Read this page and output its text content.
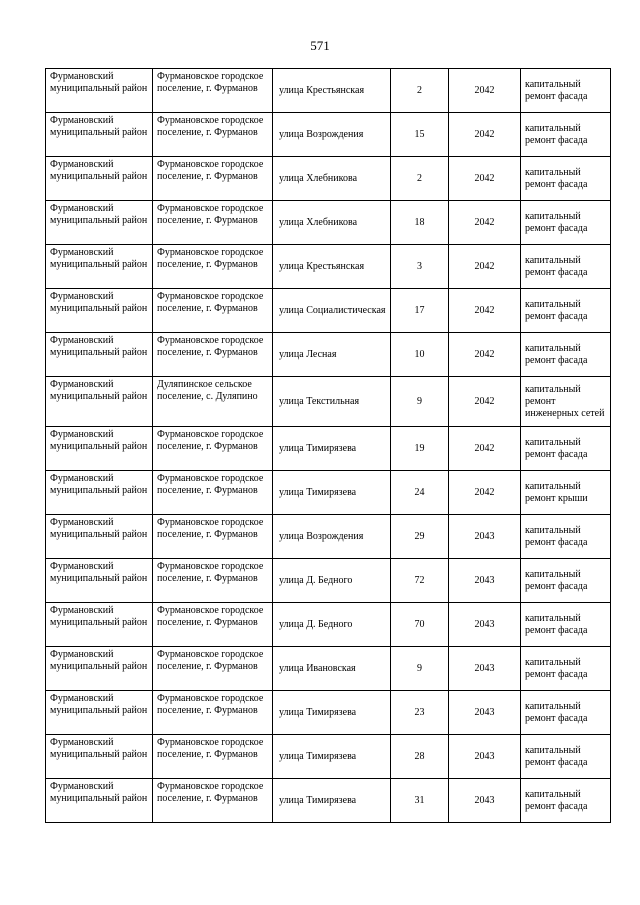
571
Фурмановский муниципальный район	Фурмановское городское поселение, г. Фурманов	улица Крестьянская	2	2042	капитальный ремонт фасада
Фурмановский муниципальный район	Фурмановское городское поселение, г. Фурманов	улица Возрождения	15	2042	капитальный ремонт фасада
Фурмановский муниципальный район	Фурмановское городское поселение, г. Фурманов	улица Хлебникова	2	2042	капитальный ремонт фасада
Фурмановский муниципальный район	Фурмановское городское поселение, г. Фурманов	улица Хлебникова	18	2042	капитальный ремонт фасада
Фурмановский муниципальный район	Фурмановское городское поселение, г. Фурманов	улица Крестьянская	3	2042	капитальный ремонт фасада
Фурмановский муниципальный район	Фурмановское городское поселение, г. Фурманов	улица Социалистическая	17	2042	капитальный ремонт фасада
Фурмановский муниципальный район	Фурмановское городское поселение, г. Фурманов	улица Лесная	10	2042	капитальный ремонт фасада
Фурмановский муниципальный район	Дуляпинское сельское поселение, с. Дуляпино	улица Текстильная	9	2042	капитальный ремонт инженерных сетей
Фурмановский муниципальный район	Фурмановское городское поселение, г. Фурманов	улица Тимирязева	19	2042	капитальный ремонт фасада
Фурмановский муниципальный район	Фурмановское городское поселение, г. Фурманов	улица Тимирязева	24	2042	капитальный ремонт крыши
Фурмановский муниципальный район	Фурмановское городское поселение, г. Фурманов	улица Возрождения	29	2043	капитальный ремонт фасада
Фурмановский муниципальный район	Фурмановское городское поселение, г. Фурманов	улица Д. Бедного	72	2043	капитальный ремонт фасада
Фурмановский муниципальный район	Фурмановское городское поселение, г. Фурманов	улица Д. Бедного	70	2043	капитальный ремонт фасада
Фурмановский муниципальный район	Фурмановское городское поселение, г. Фурманов	улица Ивановская	9	2043	капитальный ремонт фасада
Фурмановский муниципальный район	Фурмановское городское поселение, г. Фурманов	улица Тимирязева	23	2043	капитальный ремонт фасада
Фурмановский муниципальный район	Фурмановское городское поселение, г. Фурманов	улица Тимирязева	28	2043	капитальный ремонт фасада
Фурмановский муниципальный район	Фурмановское городское поселение, г. Фурманов	улица Тимирязева	31	2043	капитальный ремонт фасада
